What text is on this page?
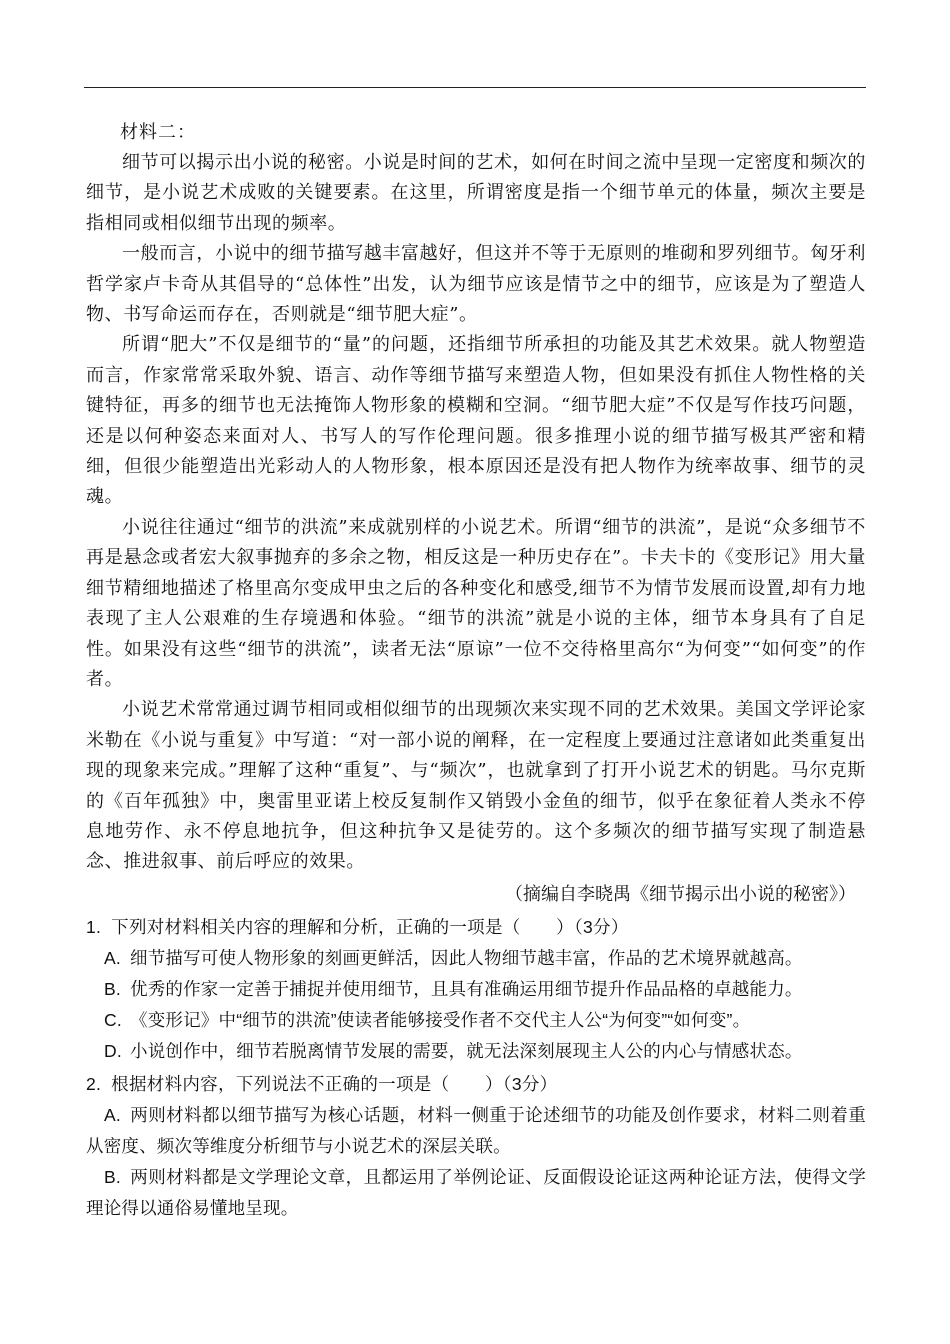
材料二：

细节可以揭示出小说的秘密。小说是时间的艺术，如何在时间之流中呈现一定密度和频次的细节，是小说艺术成败的关键要素。在这里，所谓密度是指一个细节单元的体量，频次主要是指相同或相似细节出现的频率。

一般而言，小说中的细节描写越丰富越好，但这并不等于无原则的堆砌和罗列细节。匈牙利哲学家卢卡奇从其倡导的“总体性”出发，认为细节应该是情节之中的细节，应该是为了塑造人物、书写命运而存在，否则就是“细节肥大症”。

所谓“肥大”不仅是细节的“量”的问题，还指细节所承担的功能及其艺术效果。就人物塑造而言，作家常常采取外貌、语言、动作等细节描写来塑造人物，但如果没有抓住人物性格的关键特征，再多的细节也无法掩饰人物形象的模糊和空洞。“细节肥大症”不仅是写作技巧问题，还是以何种姿态来面对人、书写人的写作伦理问题。很多推理小说的细节描写极其严密和精细，但很少能塑造出光彩动人的人物形象，根本原因还是没有把人物作为统率故事、细节的灵魂。

小说往往通过“细节的洪流”来成就别样的小说艺术。所谓“细节的洪流”，是说“众多细节不再是悬念或者宏大叙事抛弃的多余之物，相反这是一种历史存在”。卡夫卡的《变形记》用大量细节精细地描述了格里高尔变成甲虫之后的各种变化和感受,细节不为情节发展而设置,却有力地表现了主人公艰难的生存境遇和体验。“细节的洪流”就是小说的主体，细节本身具有了自足性。如果没有这些“细节的洪流”，读者无法“原谅”一位不交待格里高尔“为何变”“如何变”的作者。

小说艺术常常通过调节相同或相似细节的出现频次来实现不同的艺术效果。美国文学评论家米勒在《小说与重复》中写道：“对一部小说的阐释，在一定程度上要通过注意诸如此类重复出现的现象来完成。”理解了这种“重复”、与“频次”，也就拿到了打开小说艺术的钥匙。马尔克斯的《百年孤独》中，奥雷里亚诺上校反复制作又销毁小金鱼的细节，似乎在象征着人类永不停息地劳作、永不停息地抗争，但这种抗争又是徒劳的。这个多频次的细节描写实现了制造悬念、推进叙事、前后呼应的效果。

（摘编自李晓禺《细节揭示出小说的秘密》）
1. 下列对材料相关内容的理解和分析，正确的一项是（　　）（3分）
A. 细节描写可使人物形象的刻画更鲜活，因此人物细节越丰富，作品的艺术境界就越高。
B. 优秀的作家一定善于捕捉并使用细节，且具有准确运用细节提升作品品格的卓越能力。
C. 《变形记》中“细节的洪流”使读者能够接受作者不交代主人公“为何变”“如何变”。
D. 小说创作中，细节若脱离情节发展的需要，就无法深刻展现主人公的内心与情感状态。
2. 根据材料内容，下列说法不正确的一项是（　　）（3分）
A. 两则材料都以细节描写为核心话题，材料一侧重于论述细节的功能及创作要求，材料二则着重从密度、频次等维度分析细节与小说艺术的深层关联。
B. 两则材料都是文学理论文章，且都运用了举例论证、反面假设论证这两种论证方法，使得文学理论得以通俗易懂地呈现。
